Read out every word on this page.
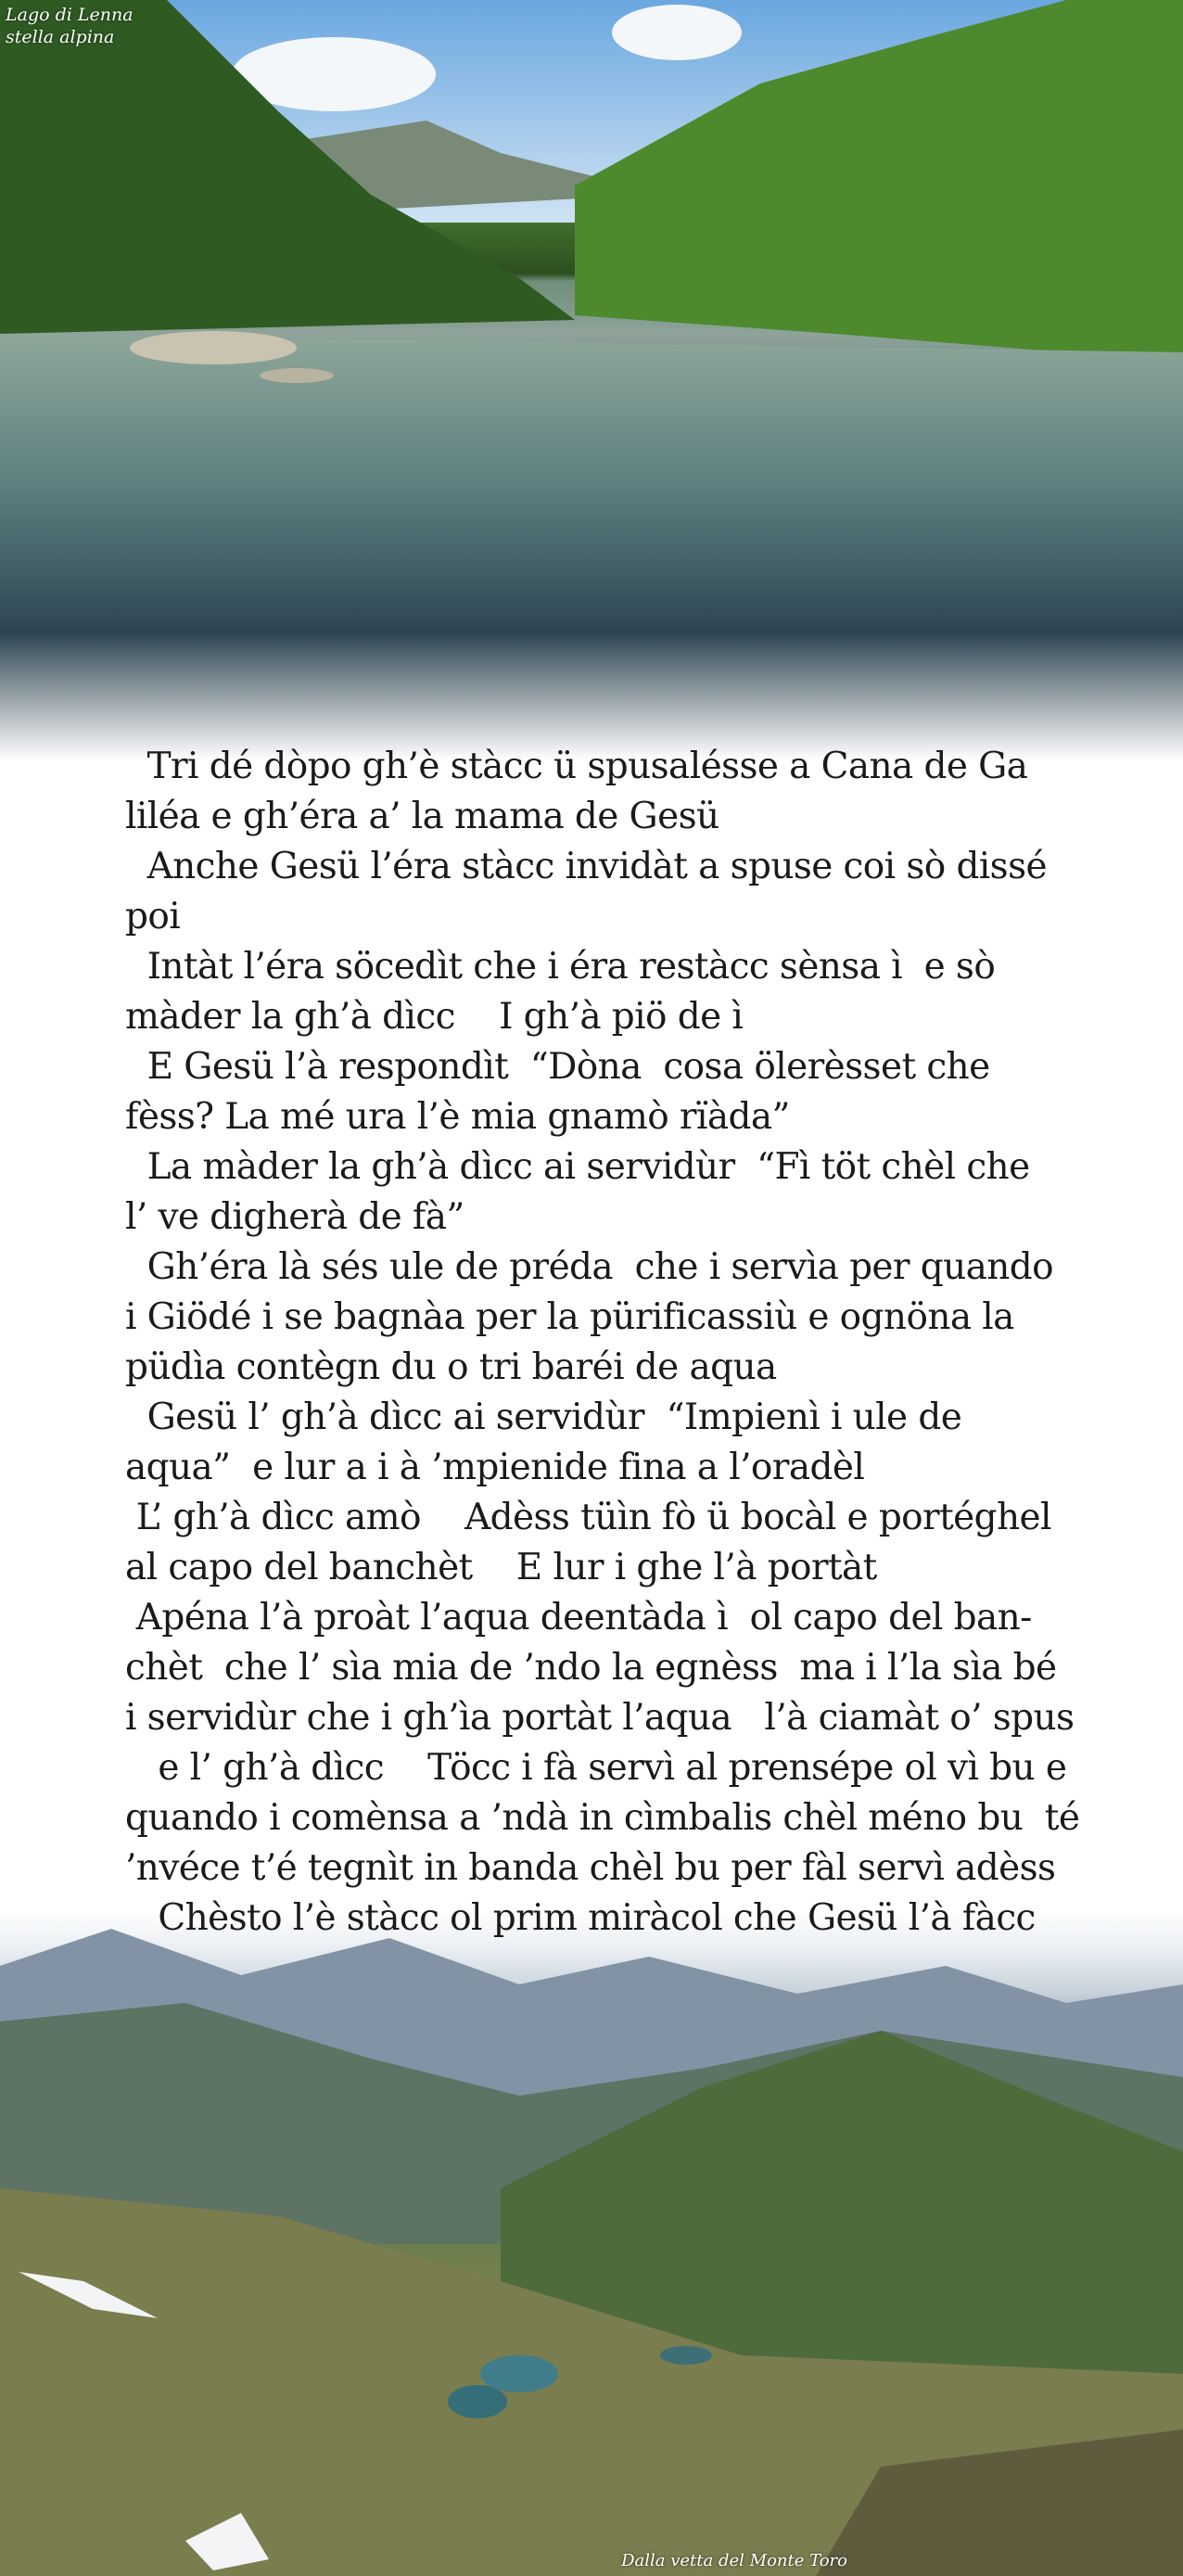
Lago di Lenna
stella alpina
Dalla vetta del Monte Toro
Tri dé dòpo gh’è stàcc ü spusalésse a Cana de Ga
liléa e gh’éra a’ la mama de Gesü
Anche Gesü l’éra stàcc invidàt a spuse coi sò dissé
poi
Intàt l’éra söcedìt che i éra restàcc sènsa ì  e sò
màder la gh’à dìcc    I gh’à piö de ì
E Gesü l’à respondìt  “Dòna  cosa ölerèsset che
fèss? La mé ura l’è mia gnamò rïàda”
La màder la gh’à dìcc ai servidùr  “Fì töt chèl che
l’ ve digherà de fà”
Gh’éra là sés ule de préda  che i servìa per quando
i Giödé i se bagnàa per la pürificassiù e ognöna la
püdìa contègn du o tri baréi de aqua
Gesü l’ gh’à dìcc ai servidùr  “Impienì i ule de
aqua”  e lur a i à ’mpienide fina a l’oradèl
L’ gh’à dìcc amò    Adèss tüìn fò ü bocàl e portéghel
al capo del banchèt    E lur i ghe l’à portàt
Apéna l’à proàt l’aqua deentàda ì  ol capo del ban-
chèt  che l’ sìa mia de ’ndo la egnèss  ma i l’la sìa bé
i servidùr che i gh’ìa portàt l’aqua   l’à ciamàt o’ spus
e l’ gh’à dìcc    Töcc i fà servì al prensépe ol vì bu e
quando i comènsa a ’ndà in cìmbalis chèl méno bu  té
’nvéce t’é tegnìt in banda chèl bu per fàl servì adèss
Chèsto l’è stàcc ol prim miràcol che Gesü l’à fàcc
